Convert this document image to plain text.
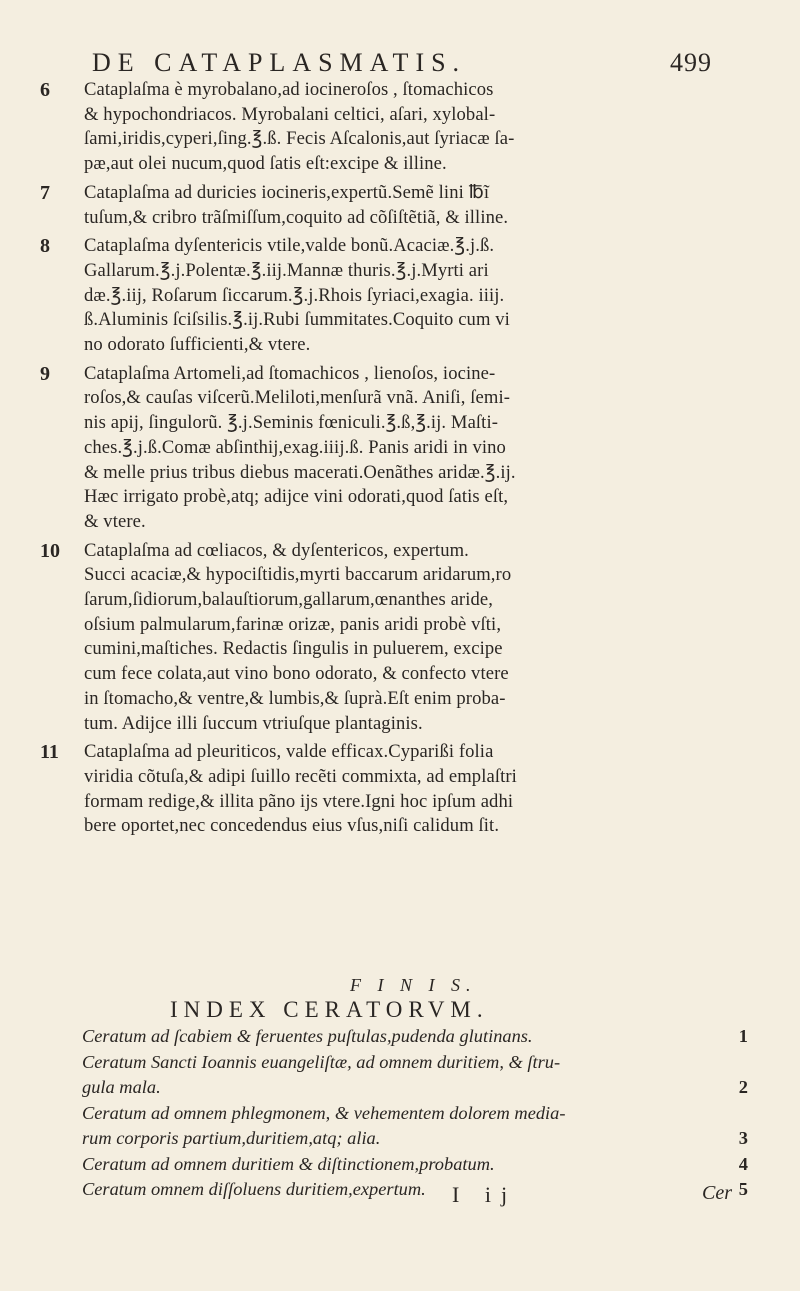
DE CATAPLASMATIS.	499
6	Cataplaſma è myrobalano,ad iocineroſos , ſtomachicos
& hypochondriacos. Myrobalani celtici, aſari, xylobal-
ſami,iridis,cyperi,ſing.℥.ß. Fecis Aſcalonis,aut ſyriacæ ſa-
pæ,aut olei nucum,quod ſatis eſt:excipe & illine.
7	Cataplaſma ad duricies iocineris,expertũ.Semẽ lini ℔ĩ
tuſum,& cribro trãſmiſſum,coquito ad cõſiſtẽtiã, & illine.
8	Cataplaſma dyſentericis vtile,valde bonũ.Acaciæ.℥.j.ß.
Gallarum.℥.j.Polentæ.℥.iij.Mannæ thuris.℥.j.Myrti ari
dæ.℥.iij, Roſarum ſiccarum.℥.j.Rhois ſyriaci,exagia. iiij.
ß.Aluminis ſciſsilis.℥.ij.Rubi ſummitates.Coquito cum vi
no odorato ſufficienti,& vtere.
9	Cataplaſma Artomeli,ad ſtomachicos , lienoſos, iocine-
roſos,& cauſas viſcerũ.Meliloti,menſurã vnã. Aniſi, ſemi-
nis apij, ſingulorũ. ℥.j.Seminis fœniculi.℥.ß,℥.ij. Maſti-
ches.℥.j.ß.Comæ abſinthij,exag.iiij.ß. Panis aridi in vino
& melle prius tribus diebus macerati.Oenãthes aridæ.℥.ij.
Hæc irrigato probè,atq; adijce vini odorati,quod ſatis eſt,
& vtere.
10	Cataplaſma ad cœliacos, & dyſentericos, expertum.
Succi acaciæ,& hypociſtidis,myrti baccarum aridarum,ro
ſarum,ſidiorum,balauſtiorum,gallarum,œnanthes aride,
oſsium palmularum,farinæ orizæ, panis aridi probè vſti,
cumini,maſtiches. Redactis ſingulis in puluerem, excipe
cum fece colata,aut vino bono odorato, & confecto vtere
in ſtomacho,& ventre,& lumbis,& ſuprà.Eſt enim proba-
tum. Adijce illi ſuccum vtriuſque plantaginis.
11	Cataplaſma ad pleuriticos, valde efficax.Cyparißi folia
viridia cõtuſa,& adipi ſuillo recẽti commixta, ad emplaſtri
formam redige,& illita pãno ijs vtere.Igni hoc ipſum adhi
bere oportet,nec concedendus eius vſus,niſi calidum ſit.
F I N I S.
INDEX CERATORVM.
Ceratum ad ſcabiem & feruentes puſtulas,pudenda glutinans.	1
Ceratum Sancti Ioannis euangeliſtæ, ad omnem duritiem, & ſtru-
gula mala.	2
Ceratum ad omnem phlegmonem, & vehementem dolorem media-
rum corporis partium,duritiem,atq; alia.	3
Ceratum ad omnem duritiem & diſtinctionem,probatum.	4
Ceratum omnem diſſoluens duritiem,expertum.	5
I ij	Cer
